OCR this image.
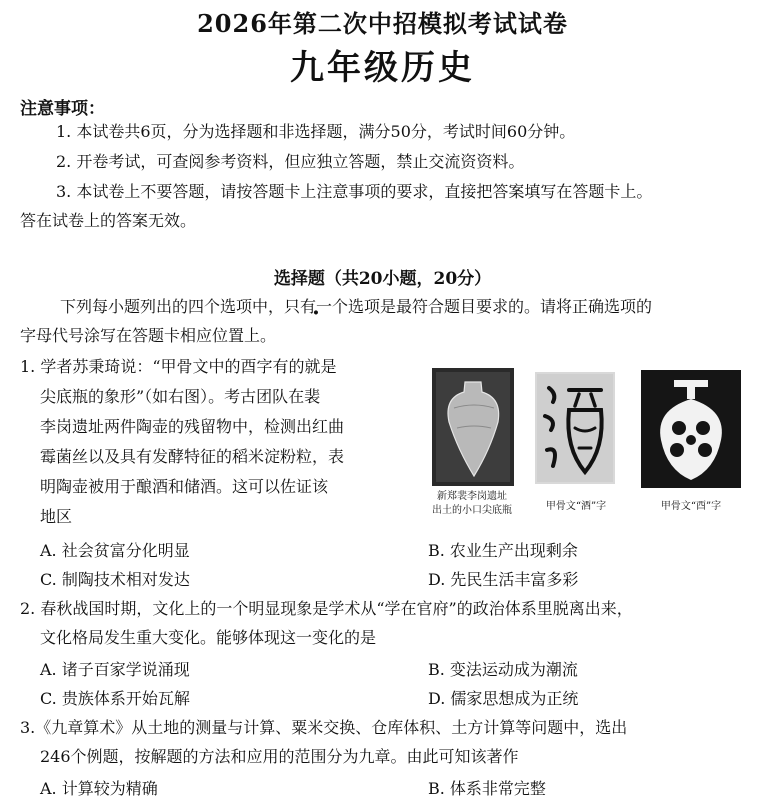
2026年第二次中招模拟考试试卷
九年级历史
注意事项：
1. 本试卷共6页，分为选择题和非选择题，满分50分，考试时间60分钟。
2. 开卷考试，可查阅参考资料，但应独立答题，禁止交流资资料。
3. 本试卷上不要答题，请按答题卡上注意事项的要求，直接把答案填写在答题卡上。
答在试卷上的答案无效。
选择题（共20小题，20分）
下列每小题列出的四个选项中，只有一个选项是最符合题目要求的。请将正确选项的
字母代号涂写在答题卡相应位置上。
1. 学者苏秉琦说：“甲骨文中的酉字有的就是
尖底瓶的象形”（如右图）。考古团队在裴
李岗遗址两件陶壶的残留物中，检测出红曲
霉菌丝以及具有发酵特征的稻米淀粉粒，表
明陶壶被用于酿酒和储酒。这可以佐证该
地区
新郑裴李岗遗址
出土的小口尖底瓶	甲骨文“酒”字	甲骨文“酉”字
A. 社会贫富分化明显	B. 农业生产出现剩余
C. 制陶技术相对发达	D. 先民生活丰富多彩
2. 春秋战国时期，文化上的一个明显现象是学术从“学在官府”的政治体系里脱离出来，
文化格局发生重大变化。能够体现这一变化的是
A. 诸子百家学说涌现	B. 变法运动成为潮流
C. 贵族体系开始瓦解	D. 儒家思想成为正统
3.《九章算术》从土地的测量与计算、粟米交换、仓库体积、土方计算等问题中，选出
246个例题，按解题的方法和应用的范围分为九章。由此可知该著作
A. 计算较为精确	B. 体系非常完整
